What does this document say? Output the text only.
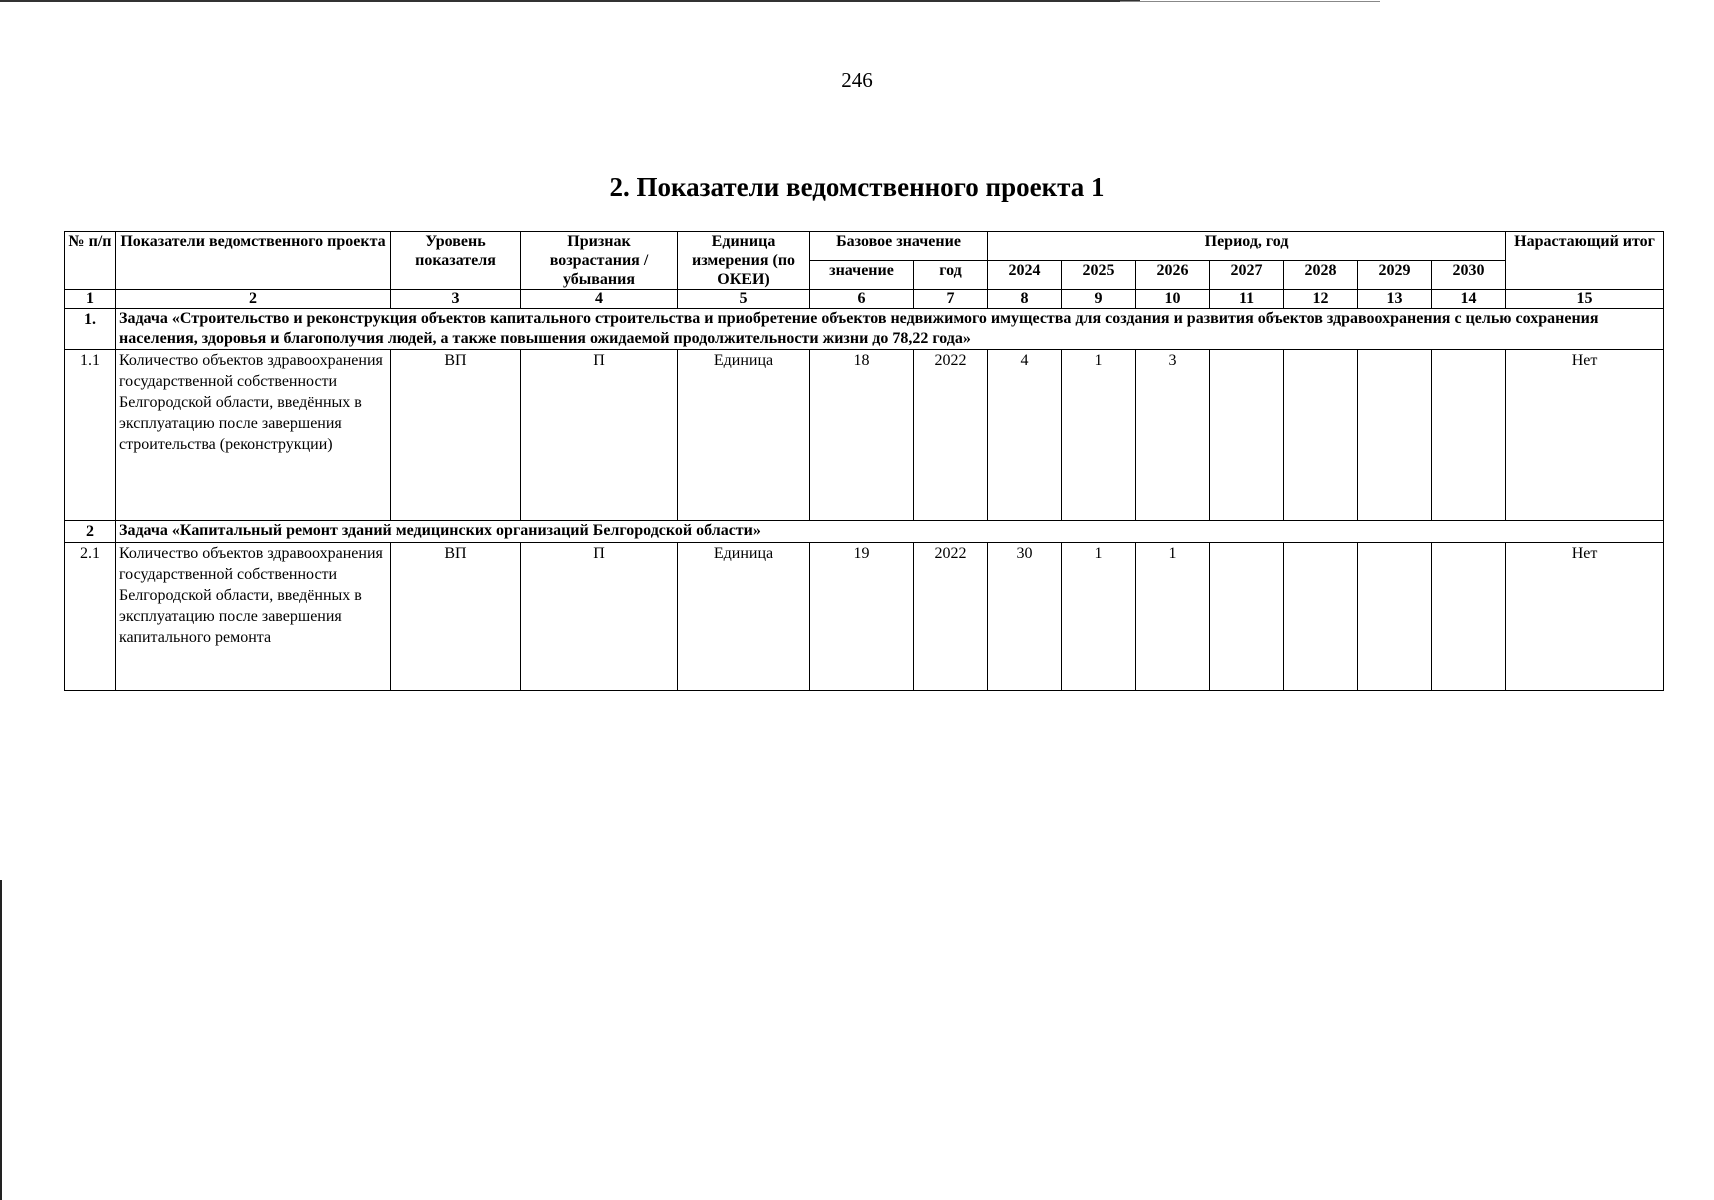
246
2. Показатели ведомственного проекта 1
№ п/п	Показатели ведомственного проекта	Уровень показателя	Признак возрастания / убывания	Единица измерения (по ОКЕИ)	Базовое значение		Период, год							Нарастающий итог
					значение	год	2024	2025	2026	2027	2028	2029	2030	
1	2	3	4	5	6	7	8	9	10	11	12	13	14	15
1.	Задача «Строительство и реконструкция объектов капитального строительства и приобретение объектов недвижимого имущества для создания и развития объектов здравоохранения с целью сохранения населения, здоровья и благополучия людей, а также повышения ожидаемой продолжительности жизни до 78,22 года»													
1.1	Количество объектов здравоохранения государственной собственности Белгородской области, введённых в эксплуатацию после завершения строительства (реконструкции)	ВП	П	Единица	18	2022	4	1	3					Нет
2	Задача «Капитальный ремонт зданий медицинских организаций Белгородской области»													
2.1	Количество объектов здравоохранения государственной собственности Белгородской области, введённых в эксплуатацию после завершения капитального ремонта	ВП	П	Единица	19	2022	30	1	1					Нет
